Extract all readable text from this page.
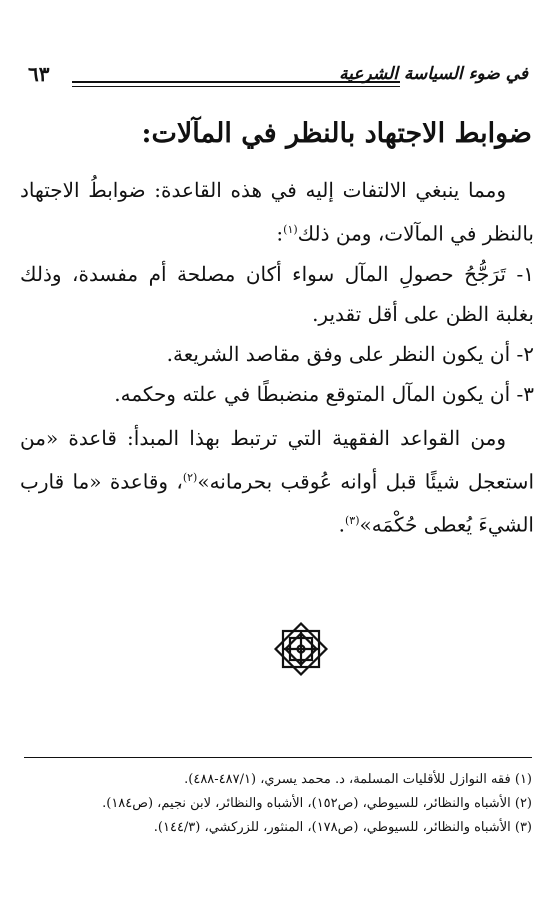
في ضوء السياسة الشرعية
٦٣
ضوابط الاجتهاد بالنظر في المآلات:

ومما ينبغي الالتفات إليه في هذه القاعدة: ضوابطُ الاجتهاد بالنظر في المآلات، ومن ذلك$^{(١)}$:

١- تَرَجُّحُ حصولِ المآل سواء أكان مصلحة أم مفسدة، وذلك بغلبة الظن على أقل تقدير.

٢- أن يكون النظر على وفق مقاصد الشريعة.

٣- أن يكون المآل المتوقع منضبطًا في علته وحكمه.

ومن القواعد الفقهية التي ترتبط بهذا المبدأ: قاعدة «من استعجل شيئًا قبل أوانه عُوقب بحرمانه»$^{(٢)}$، وقاعدة «ما قارب الشيءَ يُعطى حُكْمَه»$^{(٣)}$.

(١) فقه النوازل للأقليات المسلمة، د. محمد يسري، (٤٨٧/١-٤٨٨).
(٢) الأشباه والنظائر، للسيوطي، (ص١٥٢)، الأشباه والنظائر، لابن نجيم، (ص١٨٤).
(٣) الأشباه والنظائر، للسيوطي، (ص١٧٨)، المنثور، للزركشي، (١٤٤/٣).
